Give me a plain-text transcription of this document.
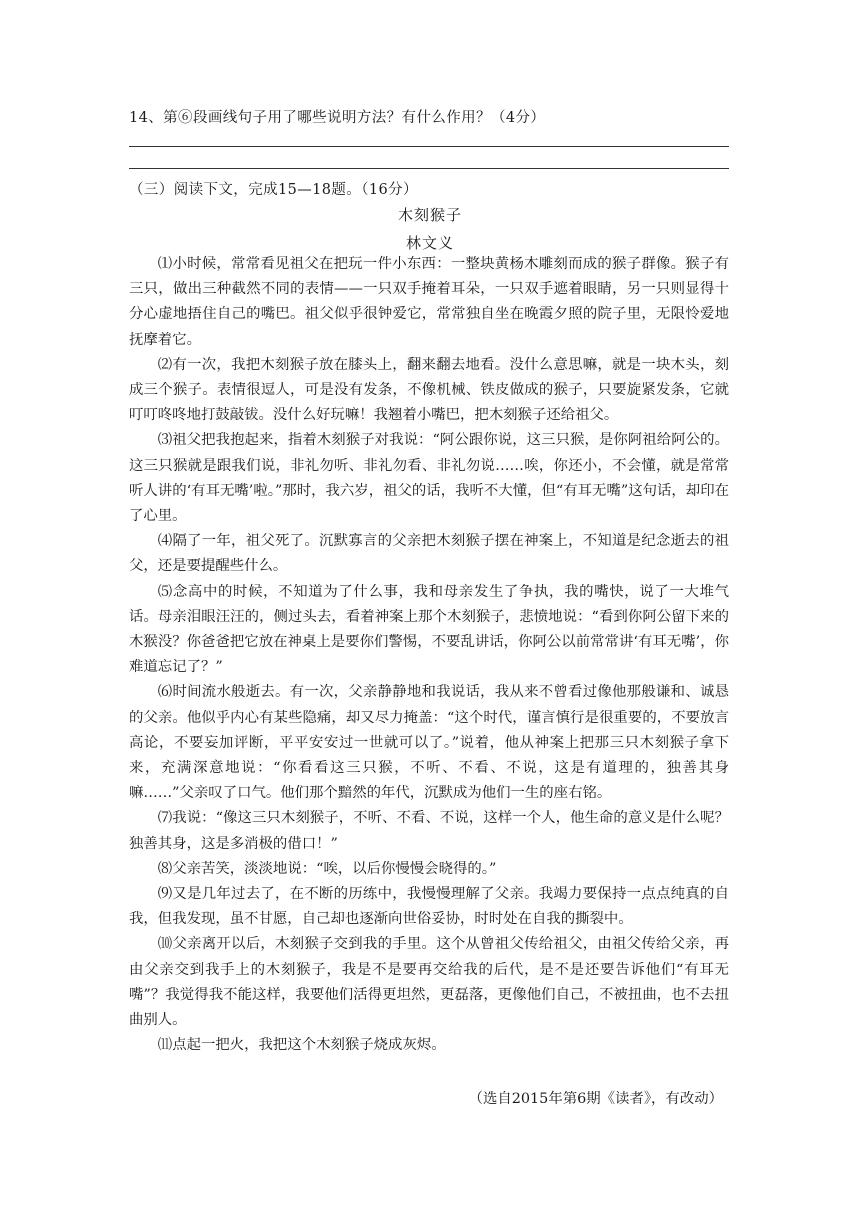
14、第⑥段画线句子用了哪些说明方法？有什么作用？（4分）
（三）阅读下文，完成15—18题。（16分）
木刻猴子
林文义

⑴小时候，常常看见祖父在把玩一件小东西：一整块黄杨木雕刻而成的猴子群像。猴子有三只，做出三种截然不同的表情——一只双手掩着耳朵，一只双手遮着眼睛，另一只则显得十分心虚地捂住自己的嘴巴。祖父似乎很钟爱它，常常独自坐在晚霞夕照的院子里，无限怜爱地抚摩着它。

⑵有一次，我把木刻猴子放在膝头上，翻来翻去地看。没什么意思嘛，就是一块木头，刻成三个猴子。表情很逗人，可是没有发条，不像机械、铁皮做成的猴子，只要旋紧发条，它就叮叮咚咚地打鼓敲钹。没什么好玩嘛！我翘着小嘴巴，把木刻猴子还给祖父。

⑶祖父把我抱起来，指着木刻猴子对我说：“阿公跟你说，这三只猴，是你阿祖给阿公的。这三只猴就是跟我们说，非礼勿听、非礼勿看、非礼勿说……唉，你还小，不会懂，就是常常听人讲的‘有耳无嘴’啦。”那时，我六岁，祖父的话，我听不大懂，但“有耳无嘴”这句话，却印在了心里。

⑷隔了一年，祖父死了。沉默寡言的父亲把木刻猴子摆在神案上，不知道是纪念逝去的祖父，还是要提醒些什么。

⑸念高中的时候，不知道为了什么事，我和母亲发生了争执，我的嘴快，说了一大堆气话。母亲泪眼汪汪的，侧过头去，看着神案上那个木刻猴子，悲愤地说：“看到你阿公留下来的木猴没？你爸爸把它放在神桌上是要你们警惕，不要乱讲话，你阿公以前常常讲‘有耳无嘴’，你难道忘记了？”

⑹时间流水般逝去。有一次，父亲静静地和我说话，我从来不曾看过像他那般谦和、诚恳的父亲。他似乎内心有某些隐痛，却又尽力掩盖：“这个时代，谨言慎行是很重要的，不要放言高论，不要妄加评断，平平安安过一世就可以了。”说着，他从神案上把那三只木刻猴子拿下来，充满深意地说：“你看看这三只猴，不听、不看、不说，这是有道理的，独善其身嘛……”父亲叹了口气。他们那个黯然的年代，沉默成为他们一生的座右铭。

⑺我说：“像这三只木刻猴子，不听、不看、不说，这样一个人，他生命的意义是什么呢？独善其身，这是多消极的借口！”

⑻父亲苦笑，淡淡地说：“唉，以后你慢慢会晓得的。”

⑼又是几年过去了，在不断的历练中，我慢慢理解了父亲。我竭力要保持一点点纯真的自我，但我发现，虽不甘愿，自己却也逐渐向世俗妥协，时时处在自我的撕裂中。

⑽父亲离开以后，木刻猴子交到我的手里。这个从曾祖父传给祖父，由祖父传给父亲，再由父亲交到我手上的木刻猴子，我是不是要再交给我的后代，是不是还要告诉他们“有耳无嘴”？我觉得我不能这样，我要他们活得更坦然，更磊落，更像他们自己，不被扭曲，也不去扭曲别人。

⑾点起一把火，我把这个木刻猴子烧成灰烬。

（选自2015年第6期《读者》，有改动）
